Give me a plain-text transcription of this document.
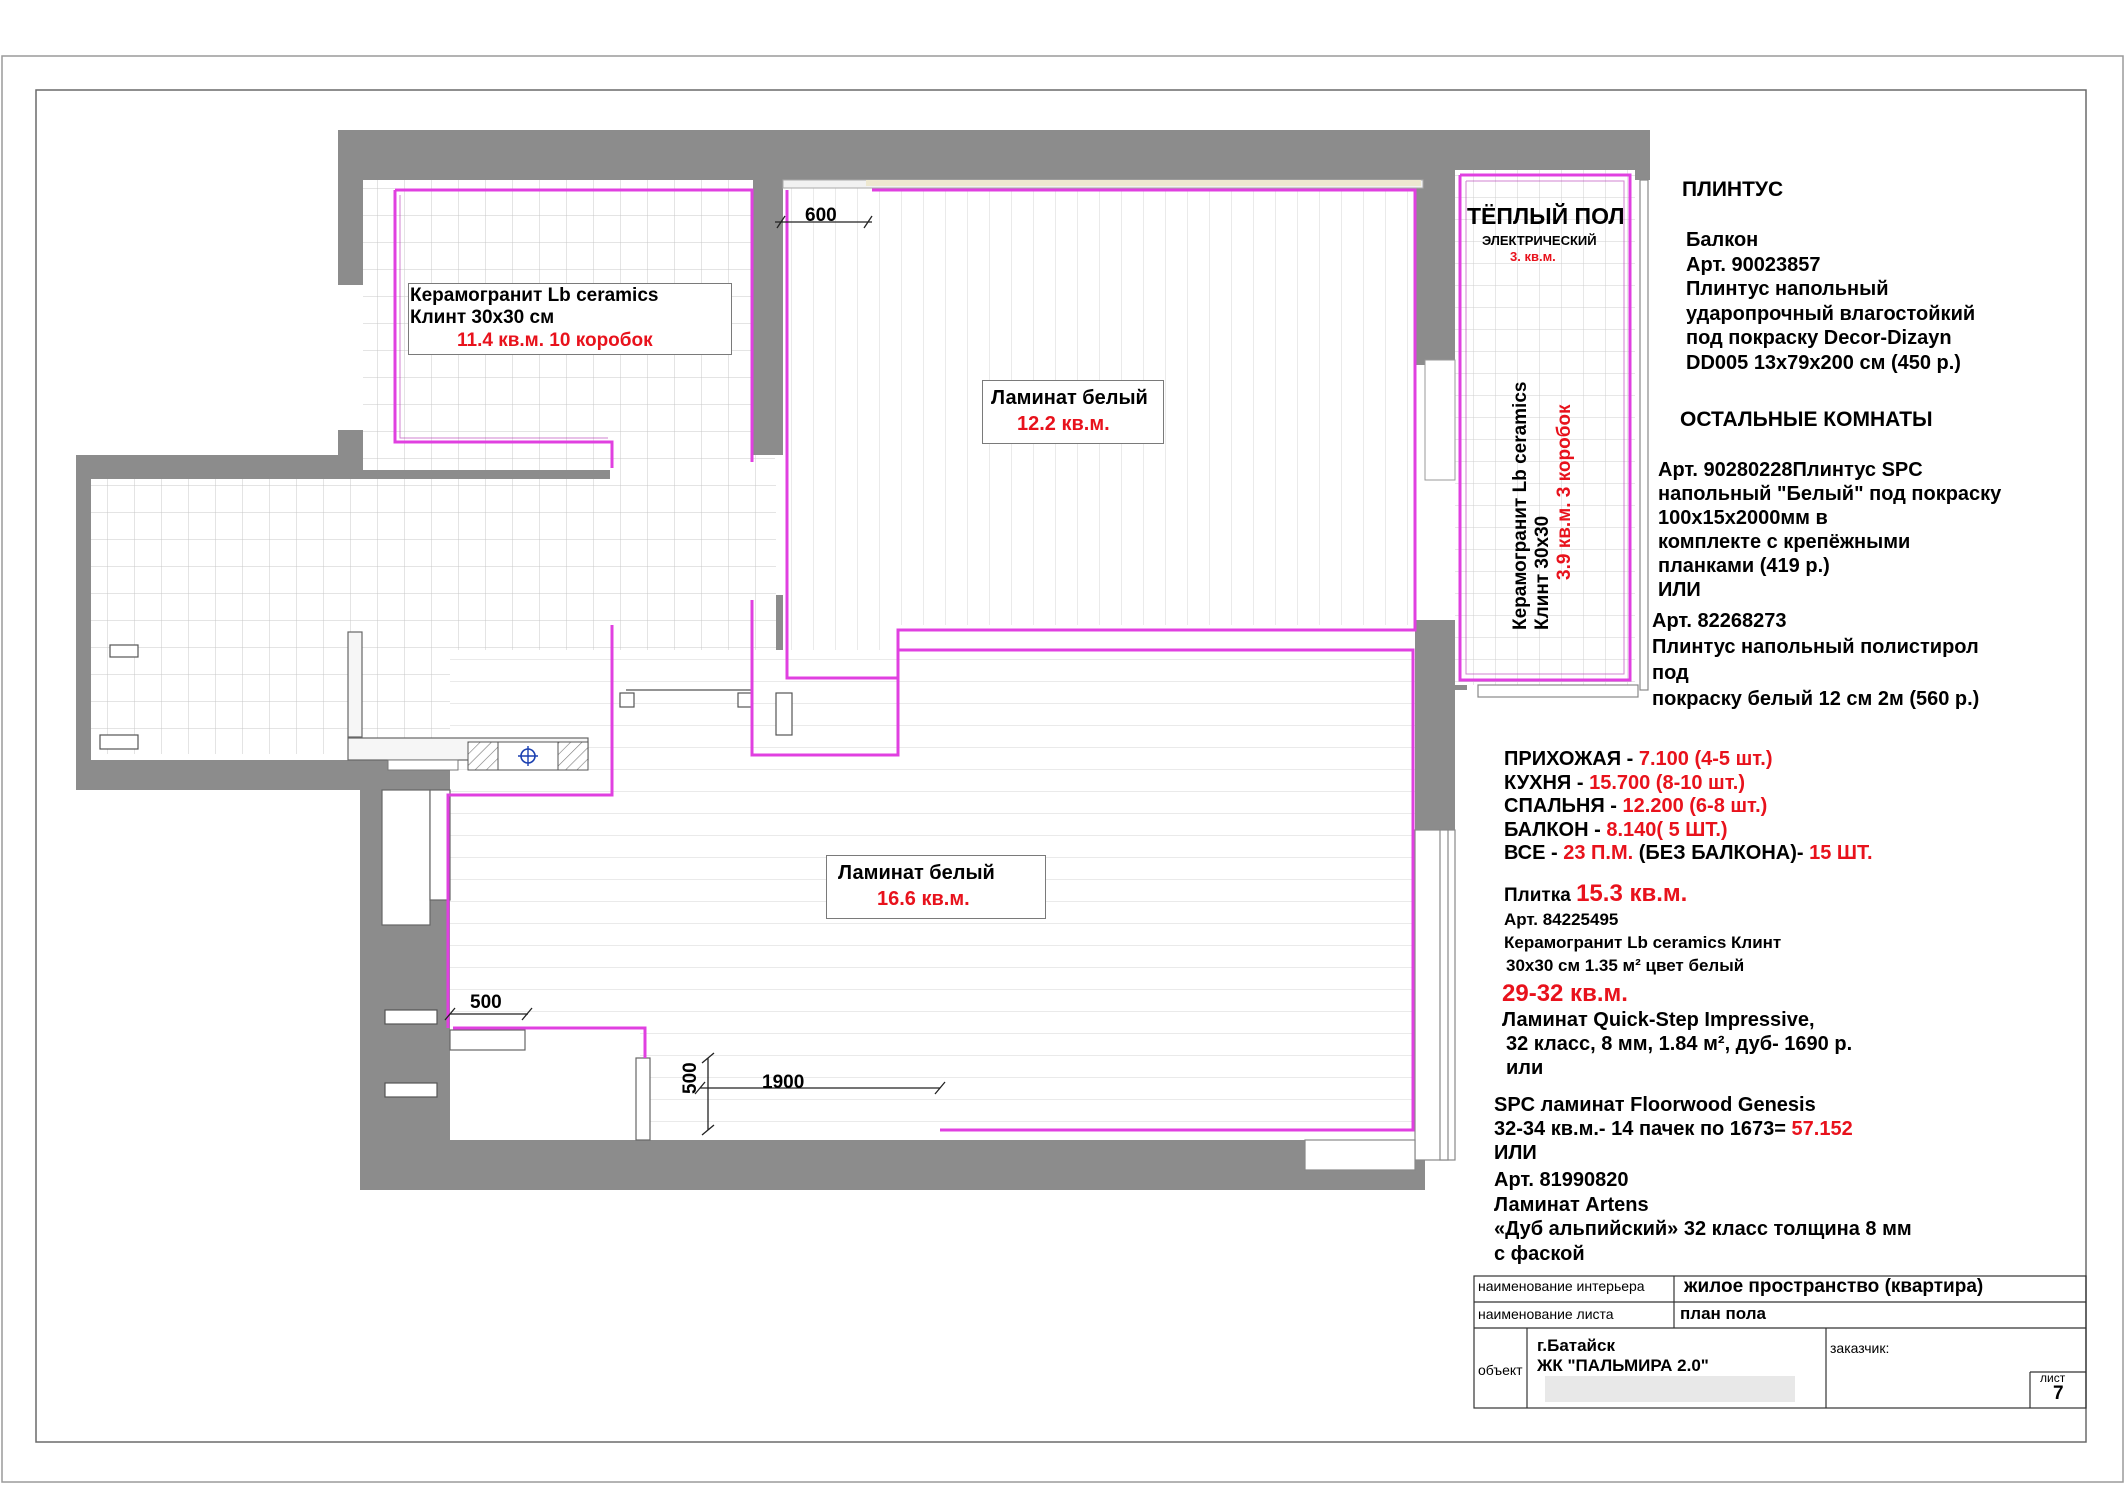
600
500
1900
500
Керамогранит Lb ceramics
Клинт 30х30 см
11.4 кв.м. 10 коробок
Ламинат белый
12.2 кв.м.
Ламинат белый
16.6 кв.м.
ТЁПЛЫЙ ПОЛ
ЭЛЕКТРИЧЕСКИЙ
3. кв.м.
Керамогранит Lb ceramics Клинт 30х30 3.9 кв.м. 3 коробок
ПЛИНТУС
Балкон
Арт. 90023857
Плинтус напольный
ударопрочный влагостойкий
под покраску Decor-Dizayn
DD005 13х79х200 см (450 р.)
ОСТАЛЬНЫЕ КОМНАТЫ
Арт. 90280228Плинтус SPC
напольный "Белый" под покраску
100x15x2000мм в
комплекте с крепёжными
планками (419 р.)
ИЛИ
Арт. 82268273
Плинтус напольный полистирол
под
покраску белый 12 см 2м (560 р.)
ПРИХОЖАЯ - 7.100 (4-5 шт.)
КУХНЯ - 15.700 (8-10 шт.)
СПАЛЬНЯ - 12.200 (6-8 шт.)
БАЛКОН - 8.140( 5 ШТ.)
ВСЕ - 23 П.М. (БЕЗ БАЛКОНА)- 15 ШТ.
Плитка 15.3 кв.м.
Арт. 84225495
Керамогранит Lb ceramics Клинт
30х30 см 1.35 м² цвет белый
29-32 кв.м.
Ламинат Quick-Step Impressive,
32 класс, 8 мм, 1.84 м², дуб- 1690 р.
или
SPC ламинат Floorwood Genesis
32-34 кв.м.- 14 пачек по 1673= 57.152
ИЛИ
Арт. 81990820
Ламинат Artens
«Дуб альпийский» 32 класс толщина 8 мм
с фаской
наименование интерьера жилое пространство (квартира)
наименование листа	план пола
объект
г.Батайск
ЖК "ПАЛЬМИРА 2.0"
заказчик:
лист
7
